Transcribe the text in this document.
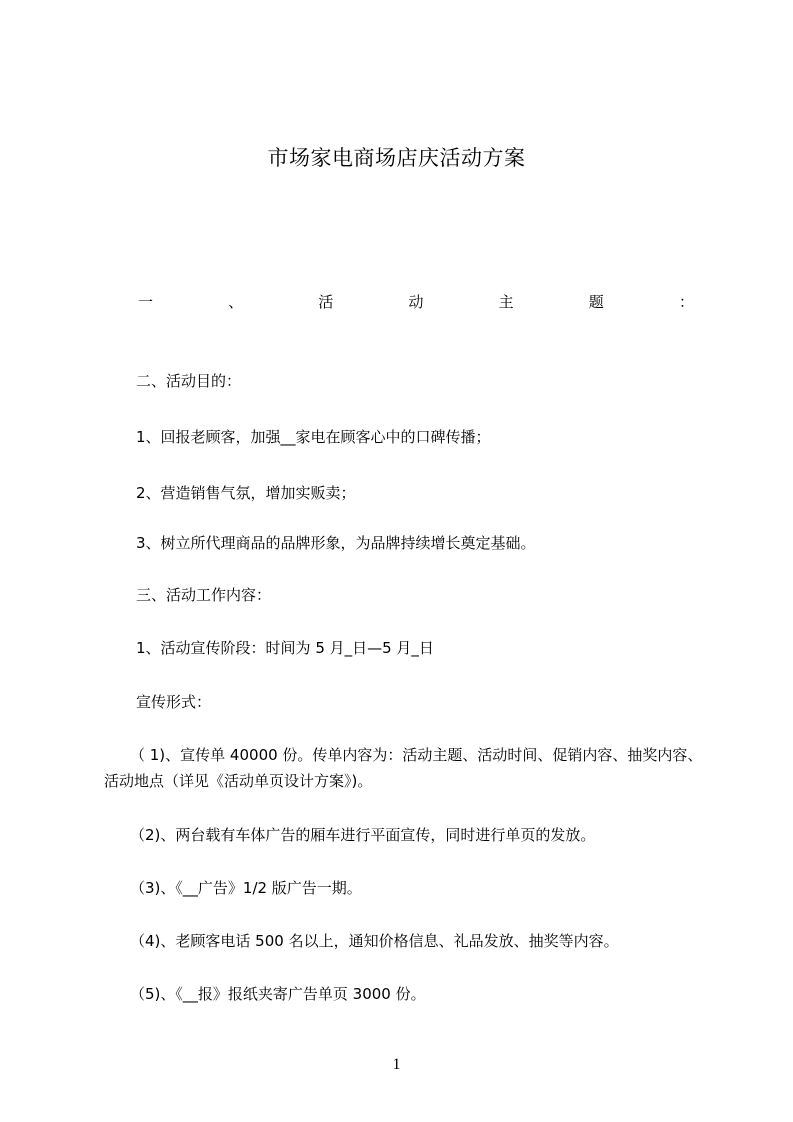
市场家电商场店庆活动方案
一	、	活	动	主	题	：
二、活动目的：
1、回报老顾客，加强__家电在顾客心中的口碑传播；
2、营造销售气氛，增加实贩卖；
3、树立所代理商品的品牌形象，为品牌持续增长奠定基础。
三、活动工作内容：
1、活动宣传阶段：时间为 5 月_日—5 月_日
宣传形式：
（ 1)、宣传单 40000 份。传单内容为：活动主题、活动时间、促销内容、抽奖内容、活动地点（详见《活动单页设计方案》)。
（2)、两台载有车体广告的厢车进行平面宣传，同时进行单页的发放。
（3)、《__广告》1/2 版广告一期。
（4)、老顾客电话 500 名以上，通知价格信息、礼品发放、抽奖等内容。
（5)、《__报》报纸夹寄广告单页 3000 份。
1
